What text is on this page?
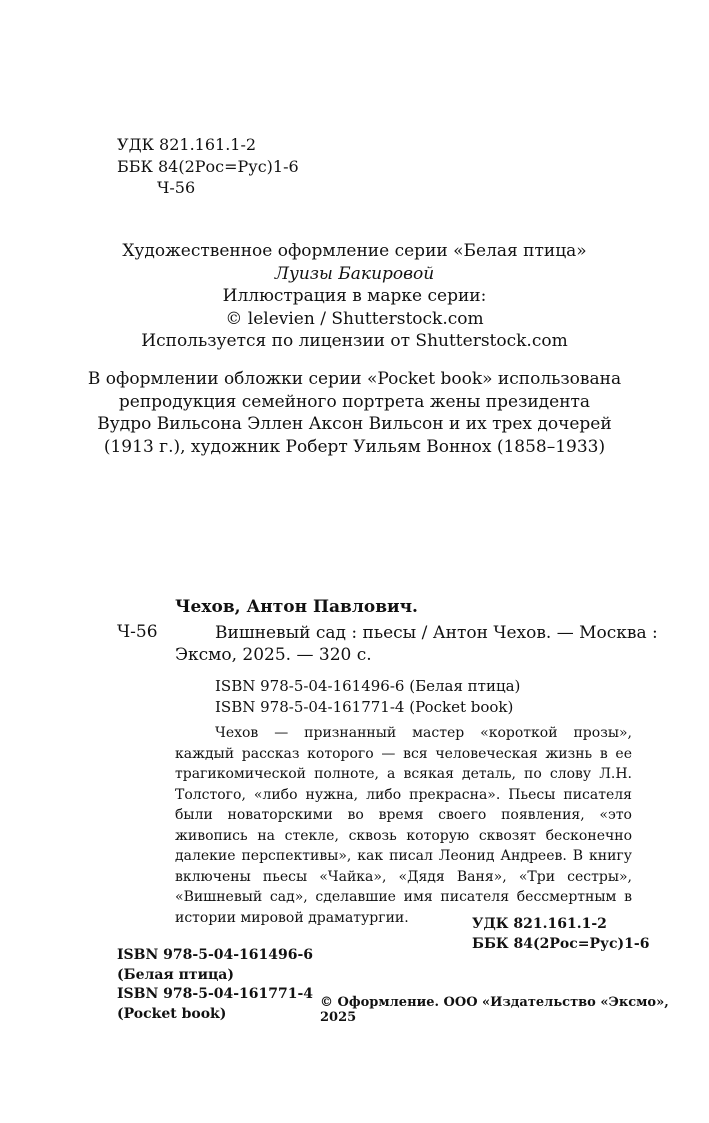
УДК 821.161.1-2
ББК 84(2Рос=Рус)1-6
Ч-56
Художественное оформление серии «Белая птица»
Луизы Бакировой
Иллюстрация в марке серии:
© lelevien / Shutterstock.com
Используется по лицензии от Shutterstock.com
В оформлении обложки серии «Pocket book» использована
репродукция семейного портрета жены президента
Вудро Вильсона Эллен Аксон Вильсон и их трех дочерей
(1913 г.), художник Роберт Уильям Воннох (1858–1933)
Чехов, Антон Павлович.
Ч-56	Вишневый сад : пьесы / Антон Чехов. — Москва :
Эксмо, 2025. — 320 с.
ISBN 978-5-04-161496-6 (Белая птица)
ISBN 978-5-04-161771-4 (Pocket book)
Чехов — признанный мастер «короткой прозы», каждый рассказ которого — вся человеческая жизнь в ее трагикомической полноте, а всякая деталь, по слову Л.Н. Толстого, «либо нужна, либо прекрасна». Пьесы писателя были новаторскими во время своего появления, «это живопись на стекле, сквозь которую сквозят бесконечно далекие перспективы», как писал Леонид Андреев. В книгу включены пьесы «Чайка», «Дядя Ваня», «Три сестры», «Вишневый сад», сделавшие имя писателя бессмертным в истории мировой драматургии.	УДК 821.161.1-2
ББК 84(2Рос=Рус)1-6
ISBN 978-5-04-161496-6
(Белая птица)
ISBN 978-5-04-161771-4
(Pocket book)
© Оформление. ООО «Издательство «Эксмо», 2025
